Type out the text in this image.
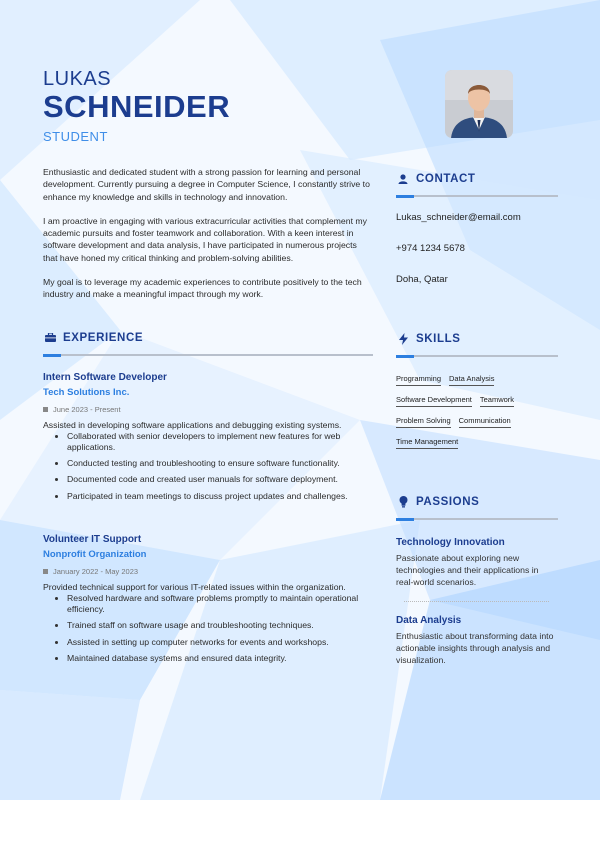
LUKAS
SCHNEIDER
STUDENT

Enthusiastic and dedicated student with a strong passion for learning and personal development. Currently pursuing a degree in Computer Science, I constantly strive to enhance my knowledge and skills in technology and innovation.

I am proactive in engaging with various extracurricular activities that complement my academic pursuits and foster teamwork and collaboration. With a keen interest in software development and data analysis, I have participated in numerous projects that have honed my critical thinking and problem-solving abilities.

My goal is to leverage my academic experiences to contribute positively to the tech industry and make a meaningful impact through my work.

EXPERIENCE
Intern Software Developer
Tech Solutions Inc.
June 2023 - Present
Assisted in developing software applications and debugging existing systems.
Collaborated with senior developers to implement new features for web applications.
Conducted testing and troubleshooting to ensure software functionality.
Documented code and created user manuals for software deployment.
Participated in team meetings to discuss project updates and challenges.
Volunteer IT Support
Nonprofit Organization
January 2022 - May 2023
Provided technical support for various IT-related issues within the organization.
Resolved hardware and software problems promptly to maintain operational efficiency.
Trained staff on software usage and troubleshooting techniques.
Assisted in setting up computer networks for events and workshops.
Maintained database systems and ensured data integrity.
CONTACT
Lukas_schneider@email.com
+974 1234 5678
Doha, Qatar
SKILLS
Programming Data Analysis
Software Development Teamwork
Problem Solving Communication
Time Management
PASSIONS
Technology Innovation
Passionate about exploring new technologies and their applications in real-world scenarios.
Data Analysis
Enthusiastic about transforming data into actionable insights through analysis and visualization.
